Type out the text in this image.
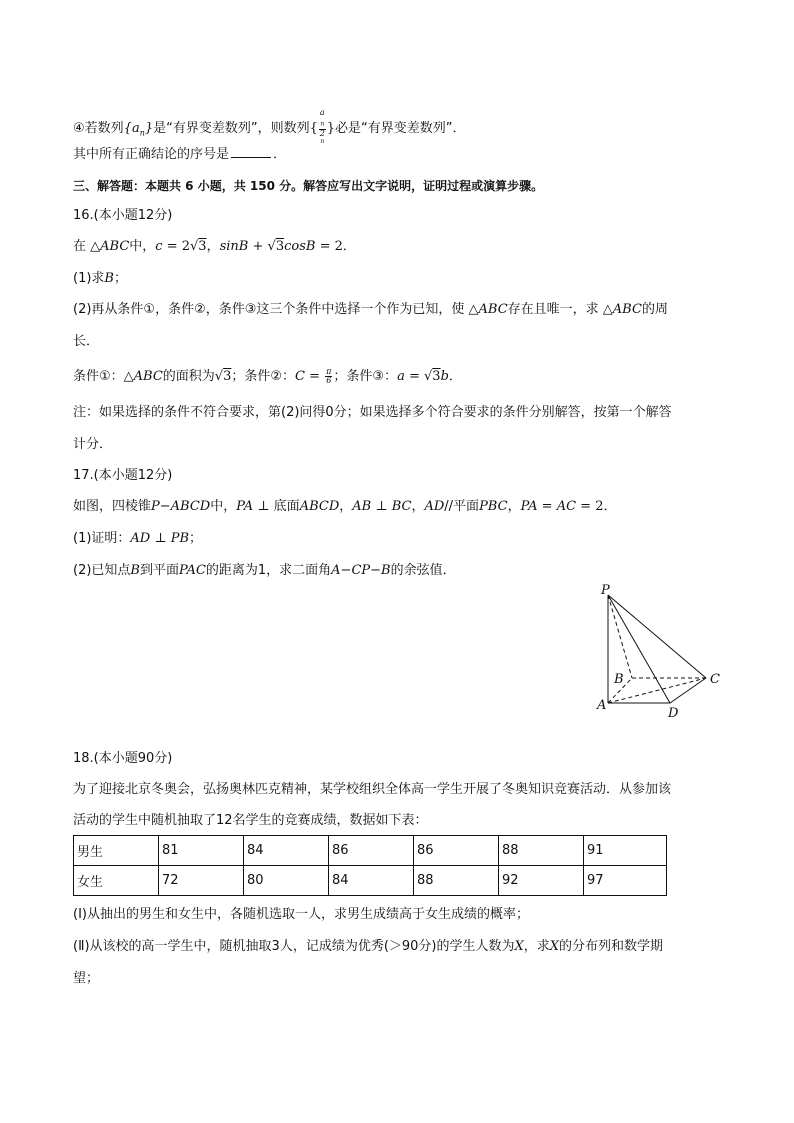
④若数列$\{a_n\}$是“有界变差数列”，则数列{ a
$_n$
2
$^n$ }必是“有界变差数列”．
其中所有正确结论的序号是	．
三、解答题：本题共 6 小题，共 150 分。解答应写出文字说明，证明过程或演算步骤。
16.(本小题12分)
在 △ABC中，c = 2√3，sinB + √3cosB = 2．
(1)求B；
(2)再从条件①，条件②，条件③这三个条件中选择一个作为已知，使 △ABC存在且唯一，求 △ABC的周
长．
条件①：△ABC的面积为√3；条件②：$C = \frac{\pi}{6}$ ；条件③：a = √3b．
注：如果选择的条件不符合要求，第(2)问得0分；如果选择多个符合要求的条件分别解答，按第一个解答
计分．
17.(本小题12分)
如图，四棱锥P−ABCD中，PA ⊥ 底面ABCD，AB ⊥ BC，AD//平面PBC，PA = AC = 2．
(1)证明：AD ⊥ PB；
(2)已知点B到平面PAC的距离为1，求二面角A−CP−B的余弦值．
P
A
B	C
D
18.(本小题90分)
为了迎接北京冬奥会，弘扬奥林匹克精神，某学校组织全体高一学生开展了冬奥知识竞赛活动．从参加该
活动的学生中随机抽取了12名学生的竞赛成绩，数据如下表：
男生	81	84	86	86	88	91
女生	72	80	84	88	92	97
(Ⅰ)从抽出的男生和女生中，各随机选取一人，求男生成绩高于女生成绩的概率；
(Ⅱ)从该校的高一学生中，随机抽取3人，记成绩为优秀(＞90分)的学生人数为X，求X的分布列和数学期
望；
